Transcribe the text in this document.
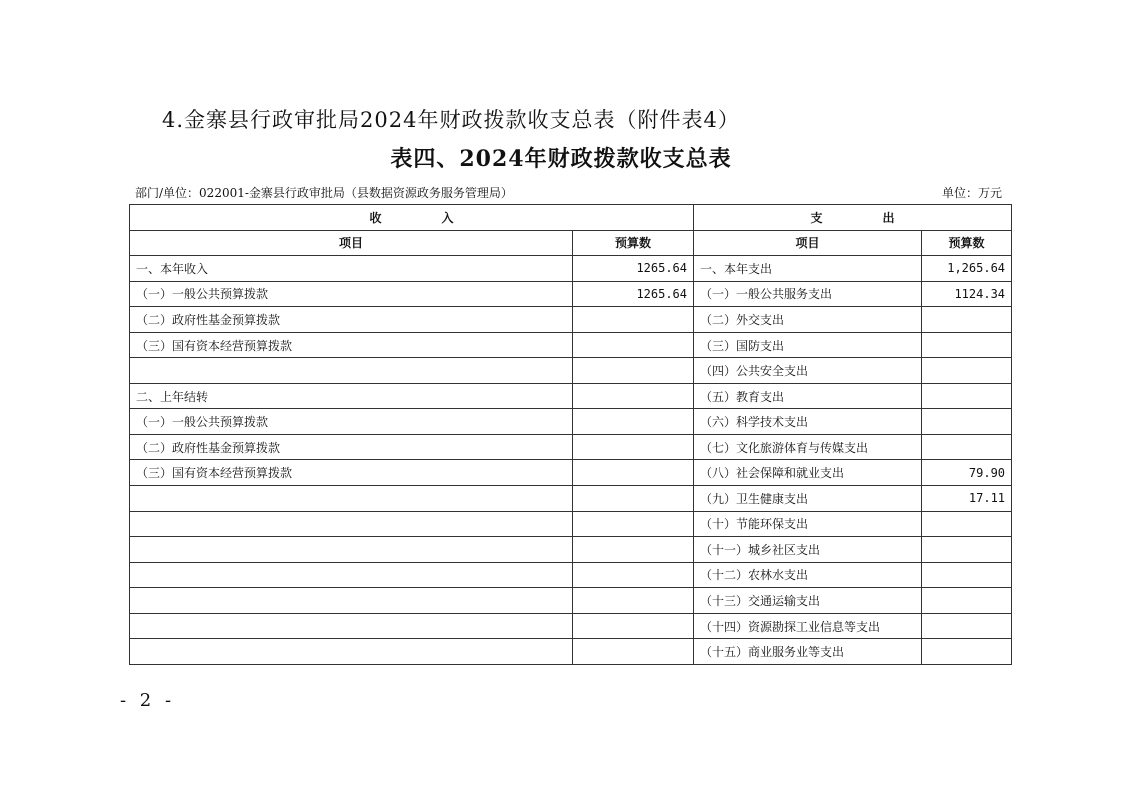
4.金寨县行政审批局2024年财政拨款收支总表（附件表4）
表四、2024年财政拨款收支总表
部门/单位：022001-金寨县行政审批局（县数据资源政务服务管理局）	单位：万元
收　　　　　入		支　　　　　出	
项目	预算数	项目	预算数
一、本年收入	1265.64	一、本年支出	1,265.64
（一）一般公共预算拨款	1265.64	（一）一般公共服务支出	1124.34
（二）政府性基金预算拨款		（二）外交支出	
（三）国有资本经营预算拨款		（三）国防支出	
		（四）公共安全支出	
二、上年结转		（五）教育支出	
（一）一般公共预算拨款		（六）科学技术支出	
（二）政府性基金预算拨款		（七）文化旅游体育与传媒支出	
（三）国有资本经营预算拨款		（八）社会保障和就业支出	79.90
		（九）卫生健康支出	17.11
		（十）节能环保支出	
		（十一）城乡社区支出	
		（十二）农林水支出	
		（十三）交通运输支出	
		（十四）资源勘探工业信息等支出	
		（十五）商业服务业等支出	
- 2 -
